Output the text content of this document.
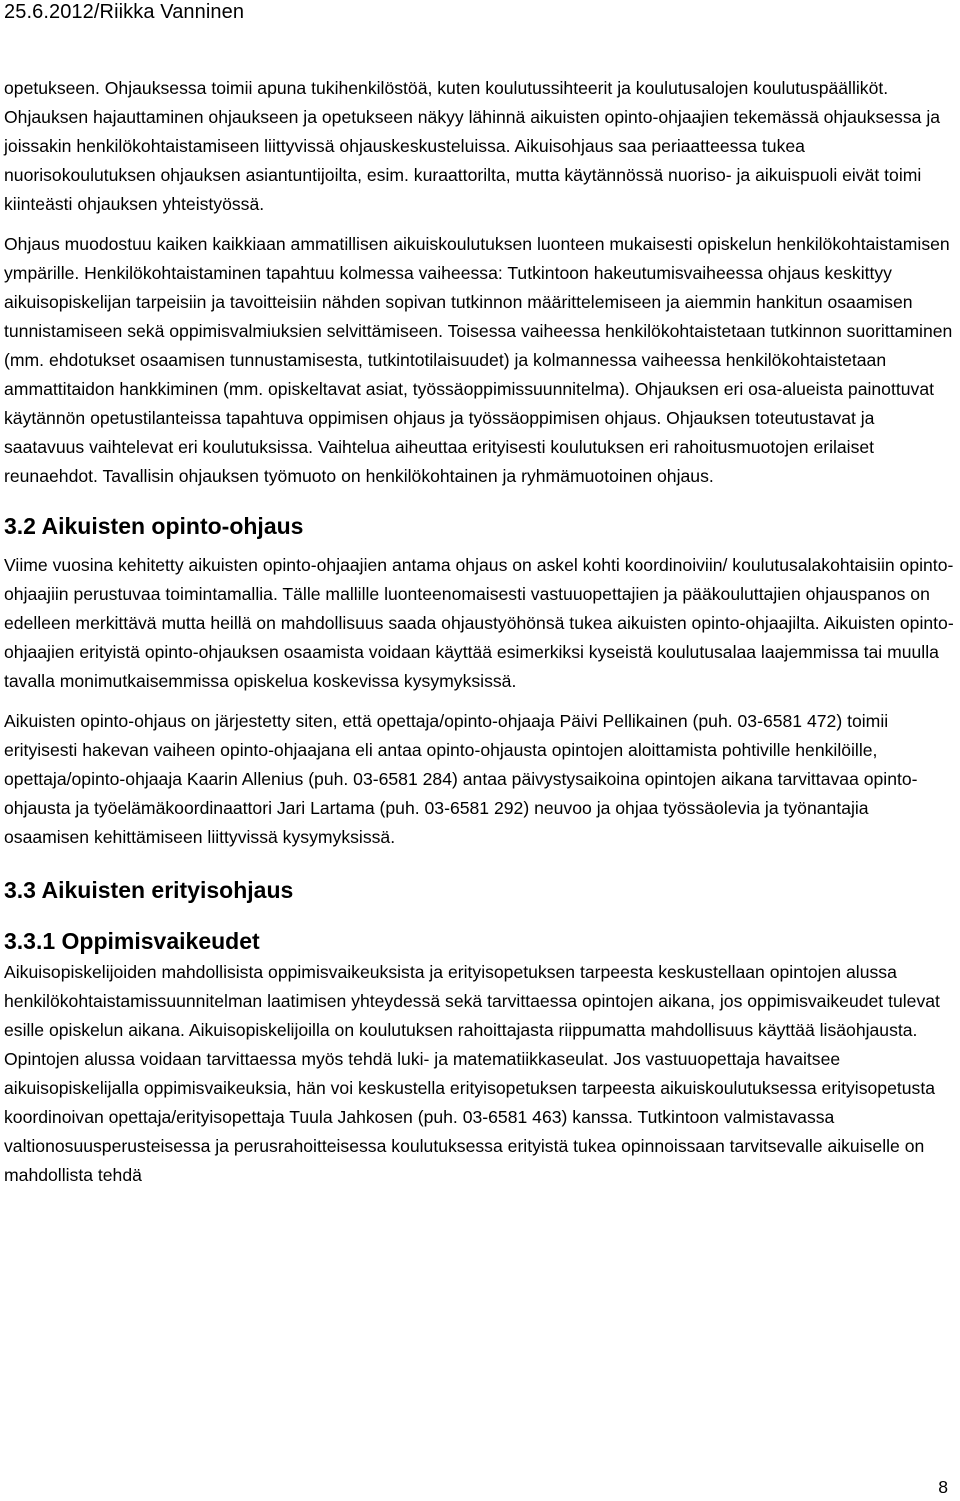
25.6.2012/Riikka Vanninen

opetukseen. Ohjauksessa toimii apuna tukihenkilöstöä, kuten koulutussihteerit ja koulutusalojen koulutuspäälliköt. Ohjauksen hajauttaminen ohjaukseen ja opetukseen näkyy lähinnä aikuisten opinto-ohjaajien tekemässä ohjauksessa ja joissakin henkilökohtaistamiseen liittyvissä ohjauskeskusteluissa. Aikuisohjaus saa periaatteessa tukea nuorisokoulutuksen ohjauksen asiantuntijoilta, esim. kuraattorilta, mutta käytännössä nuoriso- ja aikuispuoli eivät toimi kiinteästi ohjauksen yhteistyössä.

Ohjaus muodostuu kaiken kaikkiaan ammatillisen aikuiskoulutuksen luonteen mukaisesti opiskelun henkilökohtaistamisen ympärille. Henkilökohtaistaminen tapahtuu kolmessa vaiheessa: Tutkintoon hakeutumisvaiheessa ohjaus keskittyy aikuisopiskelijan tarpeisiin ja tavoitteisiin nähden sopivan tutkinnon määrittelemiseen ja aiemmin hankitun osaamisen tunnistamiseen sekä oppimisvalmiuksien selvittämiseen. Toisessa vaiheessa henkilökohtaistetaan tutkinnon suorittaminen (mm. ehdotukset osaamisen tunnustamisesta, tutkintotilaisuudet) ja kolmannessa vaiheessa henkilökohtaistetaan ammattitaidon hankkiminen (mm. opiskeltavat asiat, työssäoppimissuunnitelma). Ohjauksen eri osa-alueista painottuvat käytännön opetustilanteissa tapahtuva oppimisen ohjaus ja työssäoppimisen ohjaus. Ohjauksen toteutustavat ja saatavuus vaihtelevat eri koulutuksissa. Vaihtelua aiheuttaa erityisesti koulutuksen eri rahoitusmuotojen erilaiset reunaehdot. Tavallisin ohjauksen työmuoto on henkilökohtainen ja ryhmämuotoinen ohjaus.

3.2 Aikuisten opinto-ohjaus

Viime vuosina kehitetty aikuisten opinto-ohjaajien antama ohjaus on askel kohti koordinoiviin/ koulutusalakohtaisiin opinto-ohjaajiin perustuvaa toimintamallia. Tälle mallille luonteenomaisesti vastuuopettajien ja pääkouluttajien ohjauspanos on edelleen merkittävä mutta heillä on mahdollisuus saada ohjaustyöhönsä tukea aikuisten opinto-ohjaajilta. Aikuisten opinto-ohjaajien erityistä opinto-ohjauksen osaamista voidaan käyttää esimerkiksi kyseistä koulutusalaa laajemmissa tai muulla tavalla monimutkaisemmissa opiskelua koskevissa kysymyksissä.

Aikuisten opinto-ohjaus on järjestetty siten, että opettaja/opinto-ohjaaja Päivi Pellikainen (puh. 03-6581 472) toimii erityisesti hakevan vaiheen opinto-ohjaajana eli antaa opinto-ohjausta opintojen aloittamista pohtiville henkilöille, opettaja/opinto-ohjaaja Kaarin Allenius (puh. 03-6581 284) antaa päivystysaikoina opintojen aikana tarvittavaa opinto-ohjausta ja työelämäkoordinaattori Jari Lartama (puh. 03-6581 292) neuvoo ja ohjaa työssäolevia ja työnantajia osaamisen kehittämiseen liittyvissä kysymyksissä.

3.3 Aikuisten erityisohjaus

3.3.1 Oppimisvaikeudet

Aikuisopiskelijoiden mahdollisista oppimisvaikeuksista ja erityisopetuksen tarpeesta keskustellaan opintojen alussa henkilökohtaistamissuunnitelman laatimisen yhteydessä sekä tarvittaessa opintojen aikana, jos oppimisvaikeudet tulevat esille opiskelun aikana. Aikuisopiskelijoilla on koulutuksen rahoittajasta riippumatta mahdollisuus käyttää lisäohjausta. Opintojen alussa voidaan tarvittaessa myös tehdä luki- ja matematiikkaseulat. Jos vastuuopettaja havaitsee aikuisopiskelijalla oppimisvaikeuksia, hän voi keskustella erityisopetuksen tarpeesta aikuiskoulutuksessa erityisopetusta koordinoivan opettaja/erityisopettaja Tuula Jahkosen (puh. 03-6581 463) kanssa. Tutkintoon valmistavassa valtionosuusperusteisessa ja perusrahoitteisessa koulutuksessa erityistä tukea opinnoissaan tarvitsevalle aikuiselle on mahdollista tehdä

8
